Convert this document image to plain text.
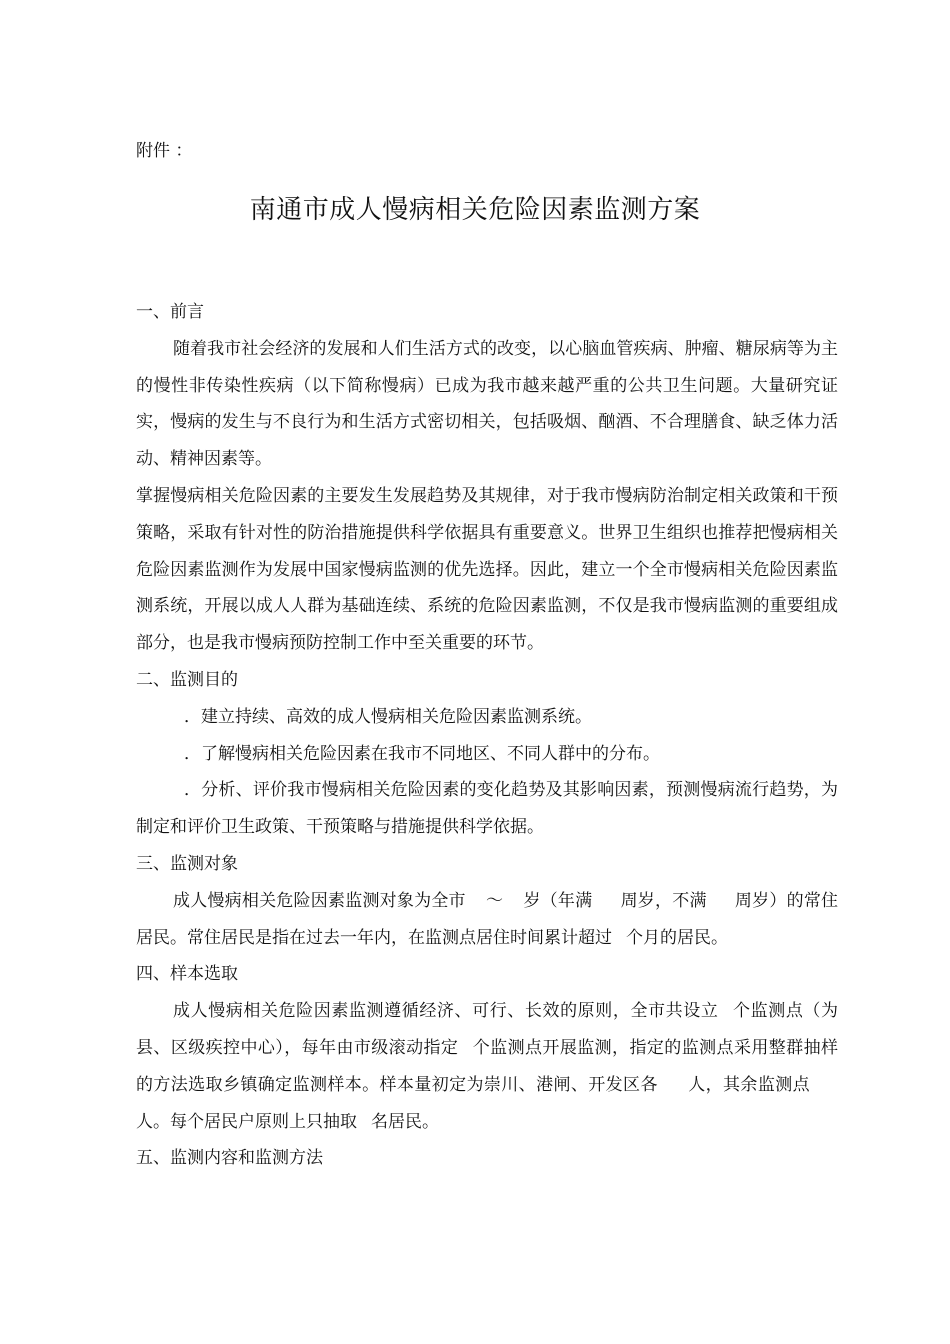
附件 ：
南通市成人慢病相关危险因素监测方案

一、前言

随着我市社会经济的发展和人们生活方式的改变，以心脑血管疾病、肿瘤、糖尿病等为主的慢性非传染性疾病（以下简称慢病）已成为我市越来越严重的公共卫生问题。大量研究证实，慢病的发生与不良行为和生活方式密切相关，包括吸烟、酗酒、不合理膳食、缺乏体力活动、精神因素等。

掌握慢病相关危险因素的主要发生发展趋势及其规律，对于我市慢病防治制定相关政策和干预策略，采取有针对性的防治措施提供科学依据具有重要意义。世界卫生组织也推荐把慢病相关危险因素监测作为发展中国家慢病监测的优先选择。因此，建立一个全市慢病相关危险因素监测系统，开展以成人人群为基础连续、系统的危险因素监测，不仅是我市慢病监测的重要组成部分，也是我市慢病预防控制工作中至关重要的环节。

二、监测目的

．建立持续、高效的成人慢病相关危险因素监测系统。

．了解慢病相关危险因素在我市不同地区、不同人群中的分布。

．分析、评价我市慢病相关危险因素的变化趋势及其影响因素，预测慢病流行趋势，为制定和评价卫生政策、干预策略与措施提供科学依据。

三、监测对象

成人慢病相关危险因素监测对象为全市 ～ 岁（年满 周岁，不满 周岁）的常住居民。常住居民是指在过去一年内，在监测点居住时间累计超过 个月的居民。

四、样本选取

成人慢病相关危险因素监测遵循经济、可行、长效的原则，全市共设立 个监测点（为县、区级疾控中心），每年由市级滚动指定 个监测点开展监测，指定的监测点采用整群抽样的方法选取乡镇确定监测样本。样本量初定为崇川、港闸、开发区各 人，其余监测点人。每个居民户原则上只抽取 名居民。

五、监测内容和监测方法
